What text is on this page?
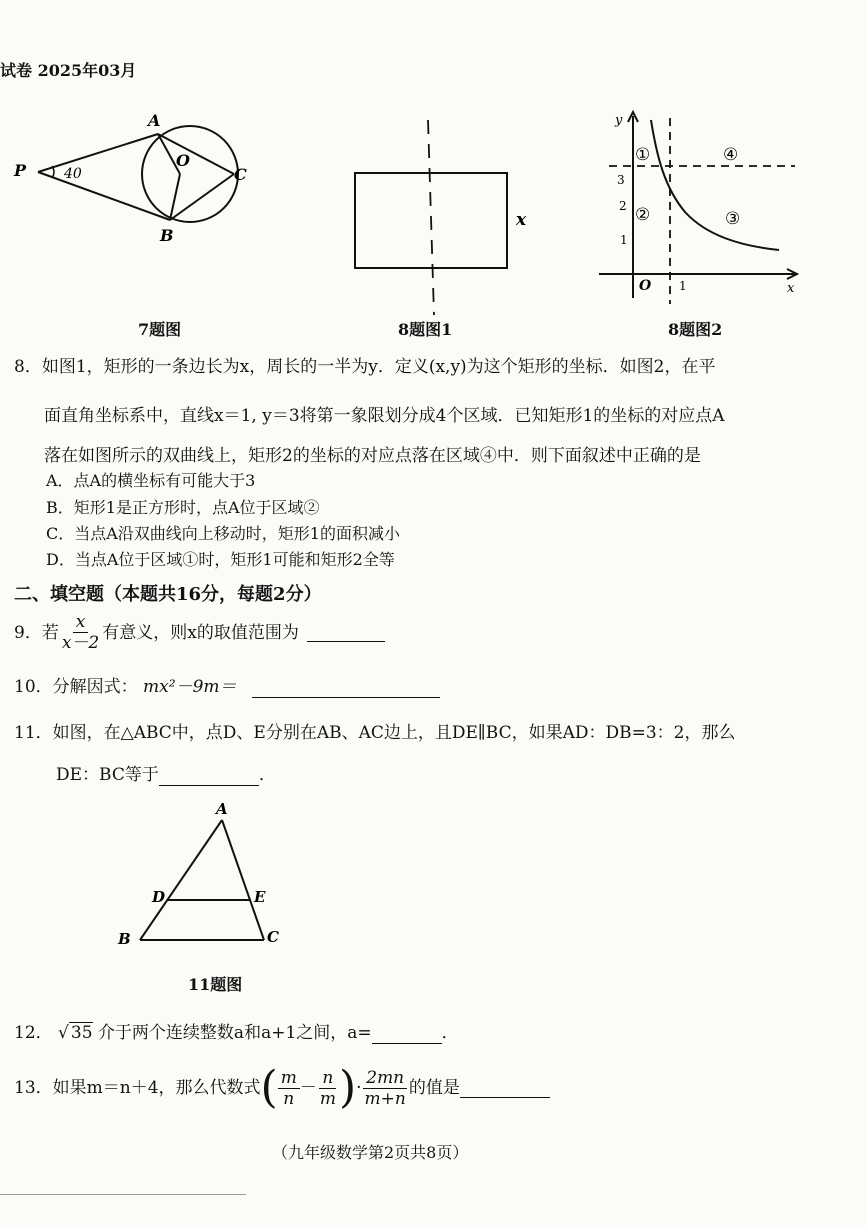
试卷 2025年03月
P
A
O
C
B
40
7题图
x
8题图1
y
x
O
3
2
1
1
①
②	③
④
8题图2
8．如图1，矩形的一条边长为x，周长的一半为y．定义(x,y)为这个矩形的坐标．如图2，在平
面直角坐标系中，直线x＝1, y＝3将第一象限划分成4个区域．已知矩形1的坐标的对应点A
落在如图所示的双曲线上，矩形2的坐标的对应点落在区域④中．则下面叙述中正确的是
A．点A的横坐标有可能大于3
B．矩形1是正方形时，点A位于区域②
C．当点A沿双曲线向上移动时，矩形1的面积减小
D．当点A位于区域①时，矩形1可能和矩形2全等
二、填空题（本题共16分，每题2分）
9．若 $\frac{x}{x-2}$ 有意义，则x的取值范围为
10．分解因式： mx²－9m＝
11．如图，在△ABC中，点D、E分别在AB、AC边上，且DE∥BC，如果AD：DB=3：2，那么
DE：BC等于	．
A
D	E
B	C
11题图
12． √ 35 介于两个连续整数a和a+1之间，a=	．
13．如果m＝n＋4，那么代数式 ( $\frac{m}{n} - \frac{n}{m}$ ) · $\frac{2mn}{m+n}$ 的值是
（九年级数学第2页共8页）
